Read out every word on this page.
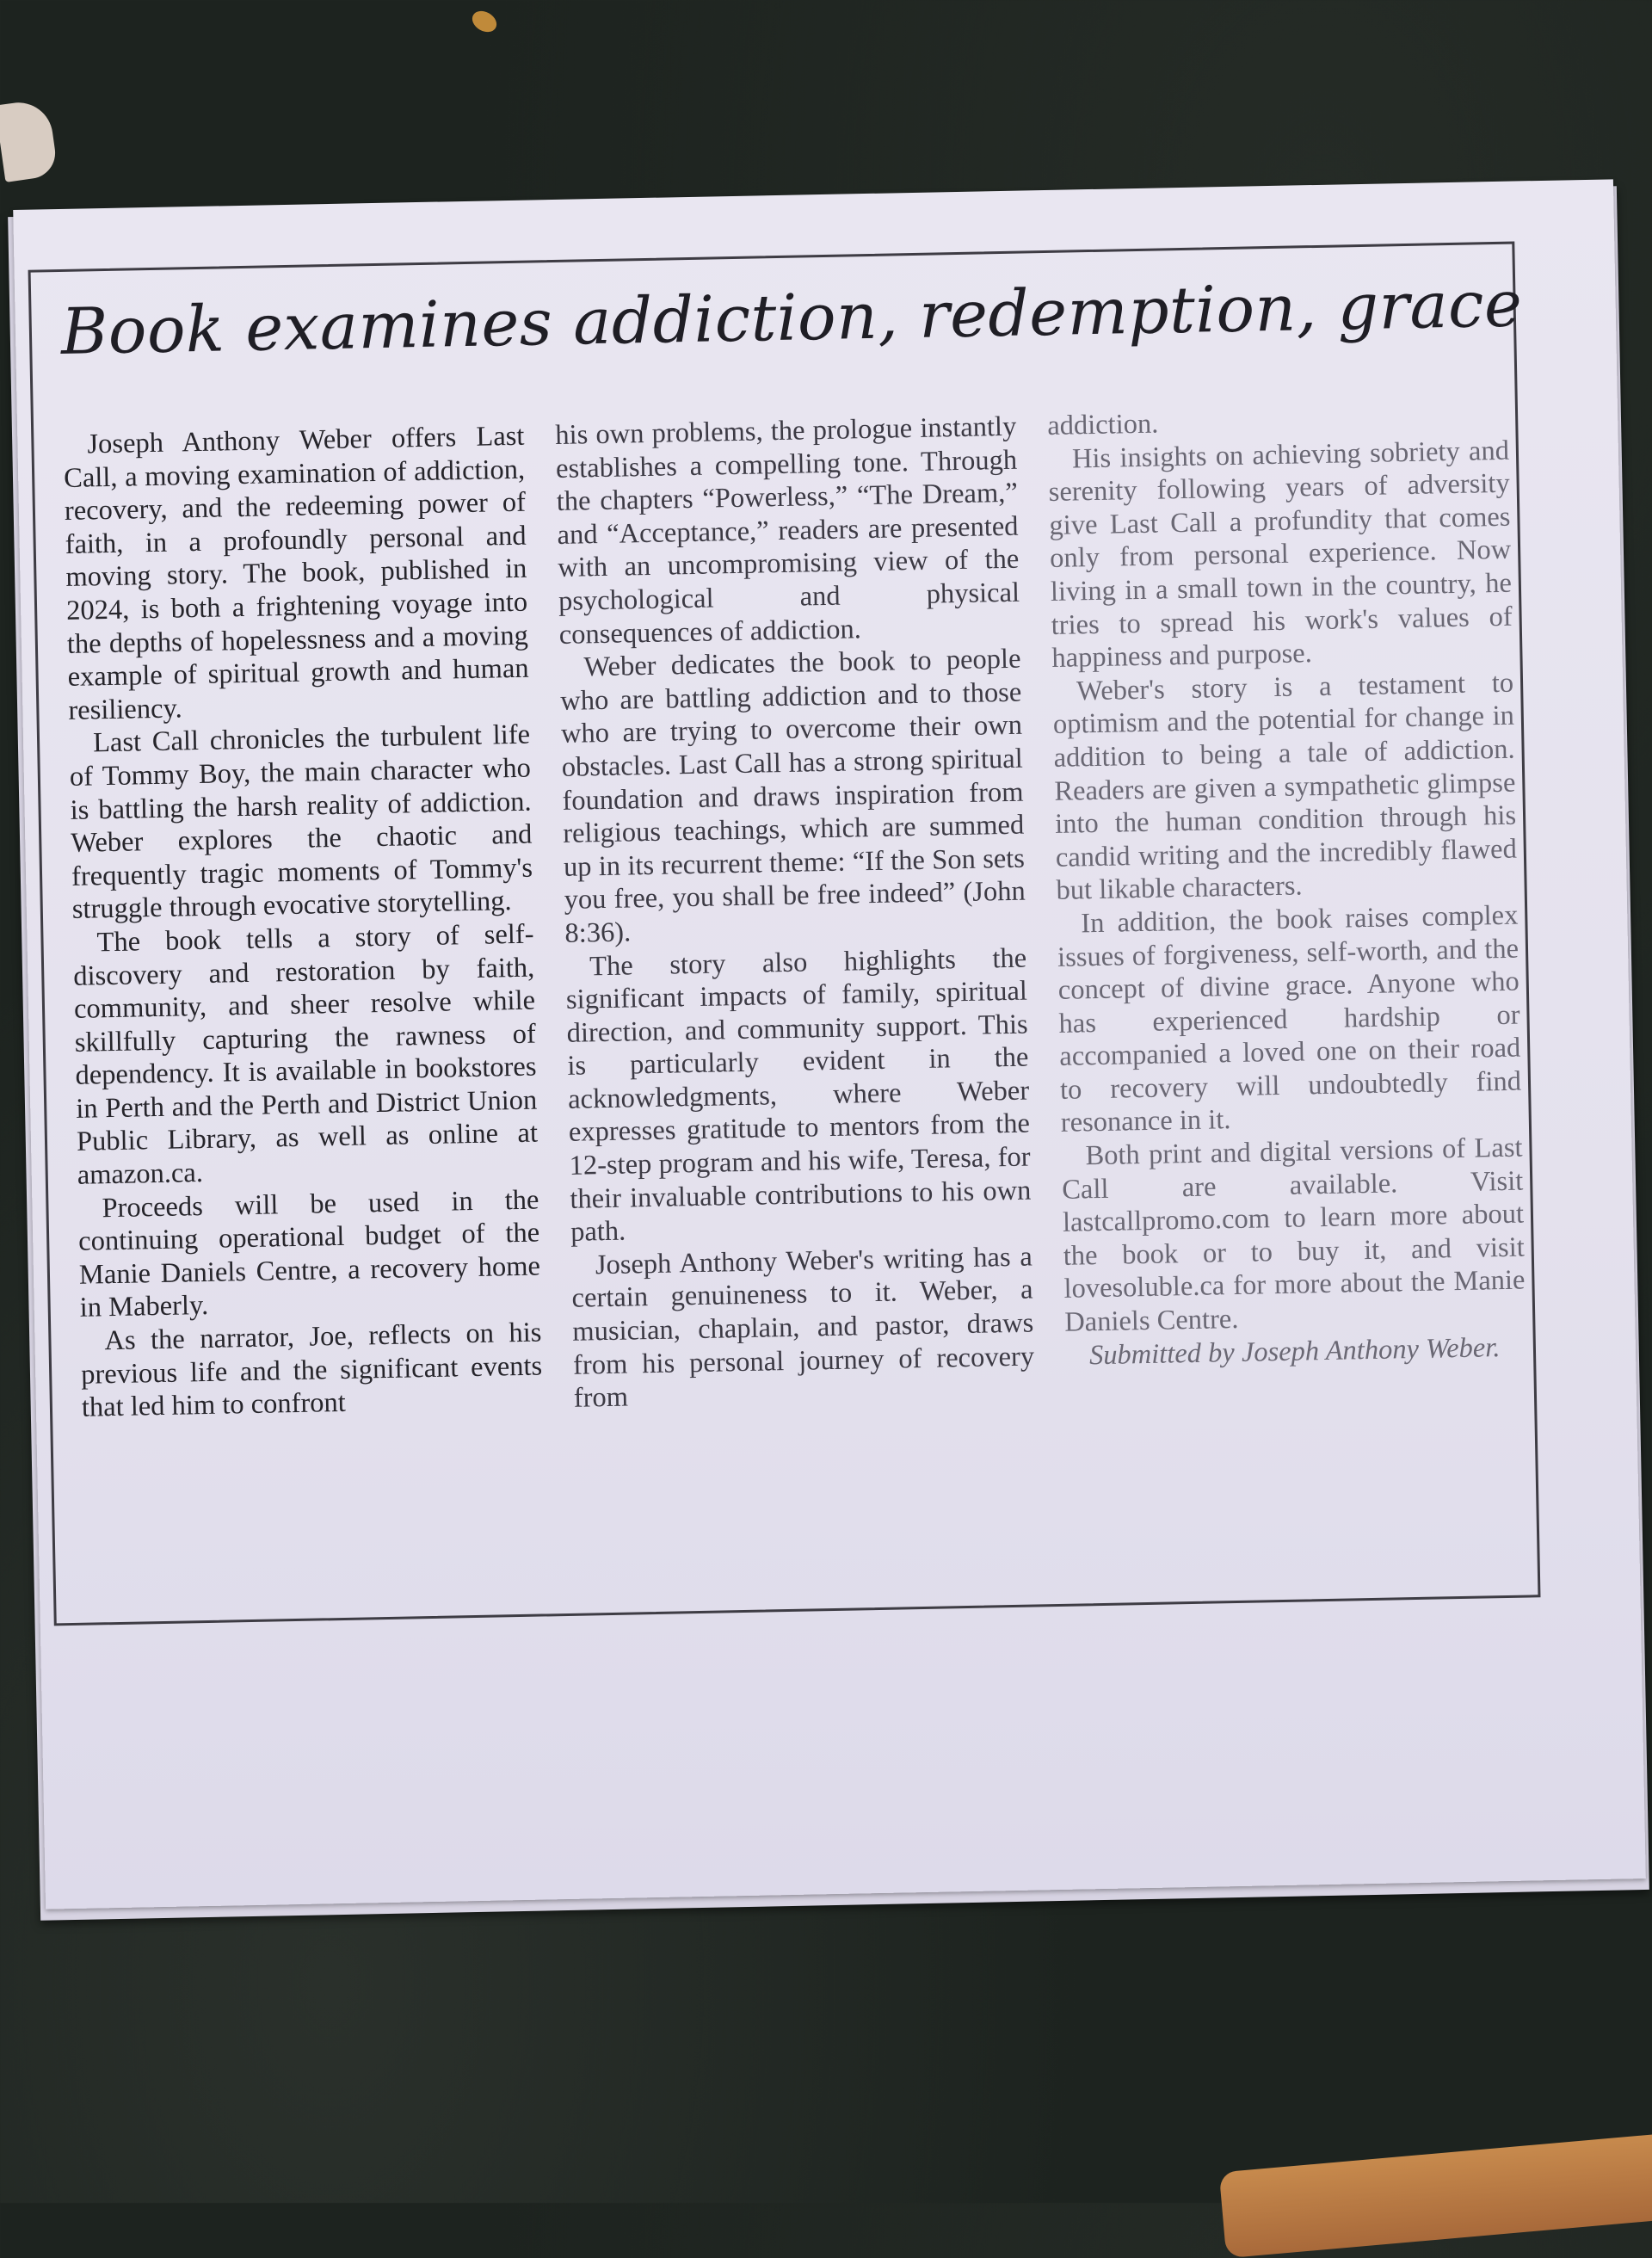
Book examines addiction, redemption, grace

Joseph Anthony Weber offers Last Call, a moving examination of addiction, recovery, and the redeeming power of faith, in a profoundly personal and moving story. The book, published in 2024, is both a frightening voyage into the depths of hopelessness and a moving example of spiritual growth and human resiliency.

Last Call chronicles the turbulent life of Tommy Boy, the main character who is battling the harsh reality of addiction. Weber explores the chaotic and frequently tragic moments of Tommy's struggle through evocative storytelling.

The book tells a story of self-discovery and restoration by faith, community, and sheer resolve while skillfully capturing the rawness of dependency. It is available in bookstores in Perth and the Perth and District Union Public Library, as well as online at amazon.ca.

Proceeds will be used in the continuing operational budget of the Manie Daniels Centre, a recovery home in Maberly.

As the narrator, Joe, reflects on his previous life and the significant events that led him to confront

his own problems, the prologue instantly establishes a compelling tone. Through the chapters “Powerless,” “The Dream,” and “Acceptance,” readers are presented with an uncompromising view of the psychological and physical consequences of addiction.

Weber dedicates the book to people who are battling addiction and to those who are trying to overcome their own obstacles. Last Call has a strong spiritual foundation and draws inspiration from religious teachings, which are summed up in its recurrent theme: “If the Son sets you free, you shall be free indeed” (John 8:36).

The story also highlights the significant impacts of family, spiritual direction, and community support. This is particularly evident in the acknowledgments, where Weber expresses gratitude to mentors from the 12-step program and his wife, Teresa, for their invaluable contributions to his own path.

Joseph Anthony Weber's writing has a certain genuineness to it. Weber, a musician, chaplain, and pastor, draws from his personal journey of recovery from

addiction.

His insights on achieving sobriety and serenity following years of adversity give Last Call a profundity that comes only from personal experience. Now living in a small town in the country, he tries to spread his work's values of happiness and purpose.

Weber's story is a testament to optimism and the potential for change in addition to being a tale of addiction. Readers are given a sympathetic glimpse into the human condition through his candid writing and the incredibly flawed but likable characters.

In addition, the book raises complex issues of forgiveness, self-worth, and the concept of divine grace. Anyone who has experienced hardship or accompanied a loved one on their road to recovery will undoubtedly find resonance in it.

Both print and digital versions of Last Call are available. Visit lastcallpromo.com to learn more about the book or to buy it, and visit lovesoluble.ca for more about the Manie Daniels Centre.

Submitted by Joseph Anthony Weber.
